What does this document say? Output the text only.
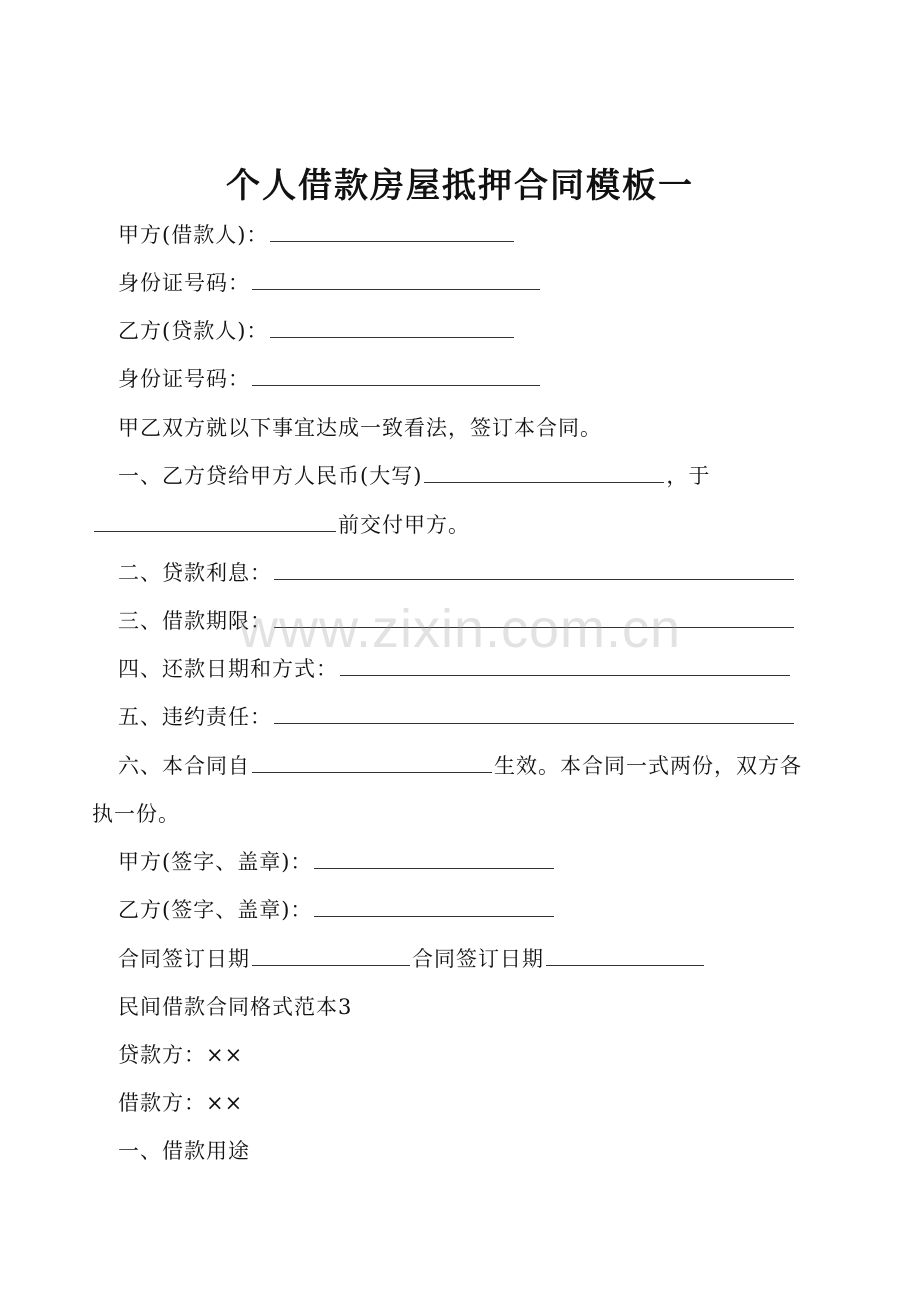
个人借款房屋抵押合同模板一
甲方(借款人)：
身份证号码：
乙方(贷款人)：
身份证号码：
甲乙双方就以下事宜达成一致看法，签订本合同。
一、乙方贷给甲方人民币(大写)	，于
前交付甲方。
二、贷款利息：
三、借款期限：
四、还款日期和方式：
五、违约责任：
六、本合同自	生效。本合同一式两份，双方各
执一份。
甲方(签字、盖章)：
乙方(签字、盖章)：
合同签订日期	合同签订日期
民间借款合同格式范本3
贷款方：××
借款方：××
一、借款用途
www.zixin.com.cn
